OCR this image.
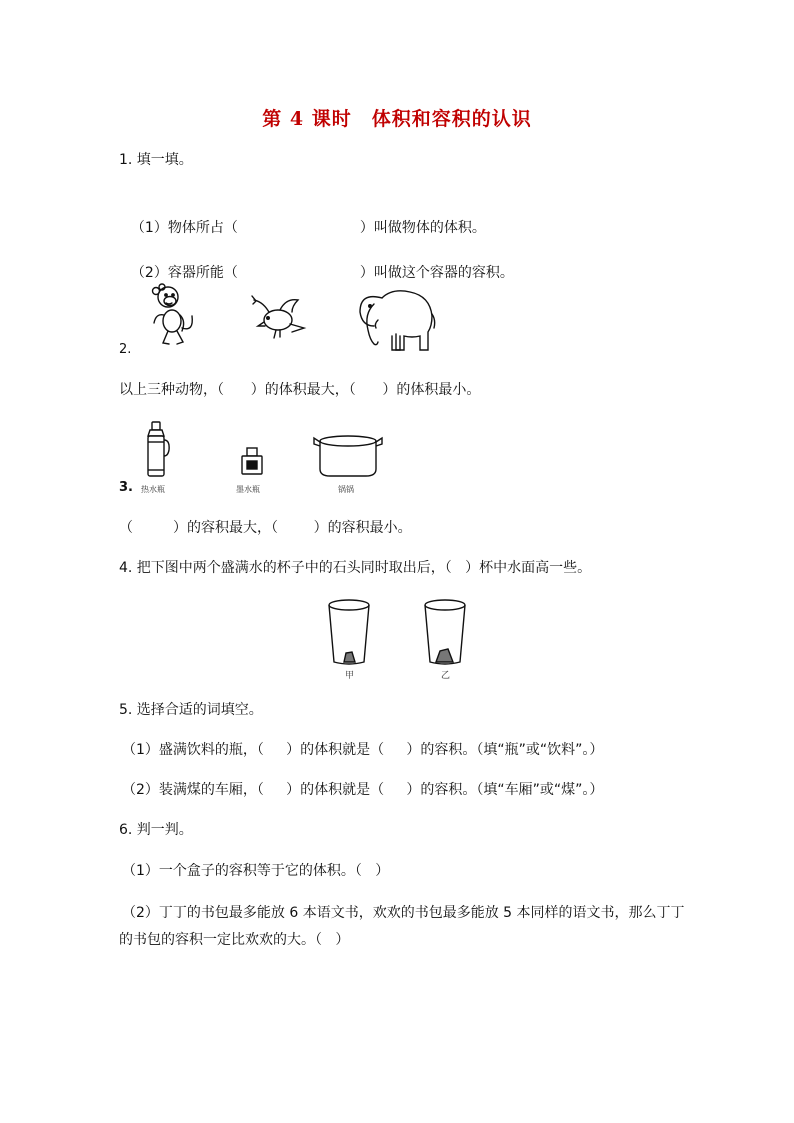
第 4 课时 体积和容积的认识
1. 填一填。

（1）物体所占（	）叫做物体的体积。

（2）容器所能（	）叫做这个容器的容积。

2.
以上三种动物，（      ）的体积最大，（      ）的体积最小。
3. 热水瓶	墨水瓶	锅锅
（         ）的容积最大，（        ）的容积最小。
4. 把下图中两个盛满水的杯子中的石头同时取出后，（   ）杯中水面高一些。
甲	乙
5. 选择合适的词填空。
（1）盛满饮料的瓶，（     ）的体积就是（     ）的容积。（填“瓶”或“饮料”。）
（2）装满煤的车厢，（     ）的体积就是（     ）的容积。（填“车厢”或“煤”。）
6. 判一判。
（1）一个盒子的容积等于它的体积。（   ）
（2）丁丁的书包最多能放 6 本语文书，欢欢的书包最多能放 5 本同样的语文书，那么丁丁
的书包的容积一定比欢欢的大。（   ）
